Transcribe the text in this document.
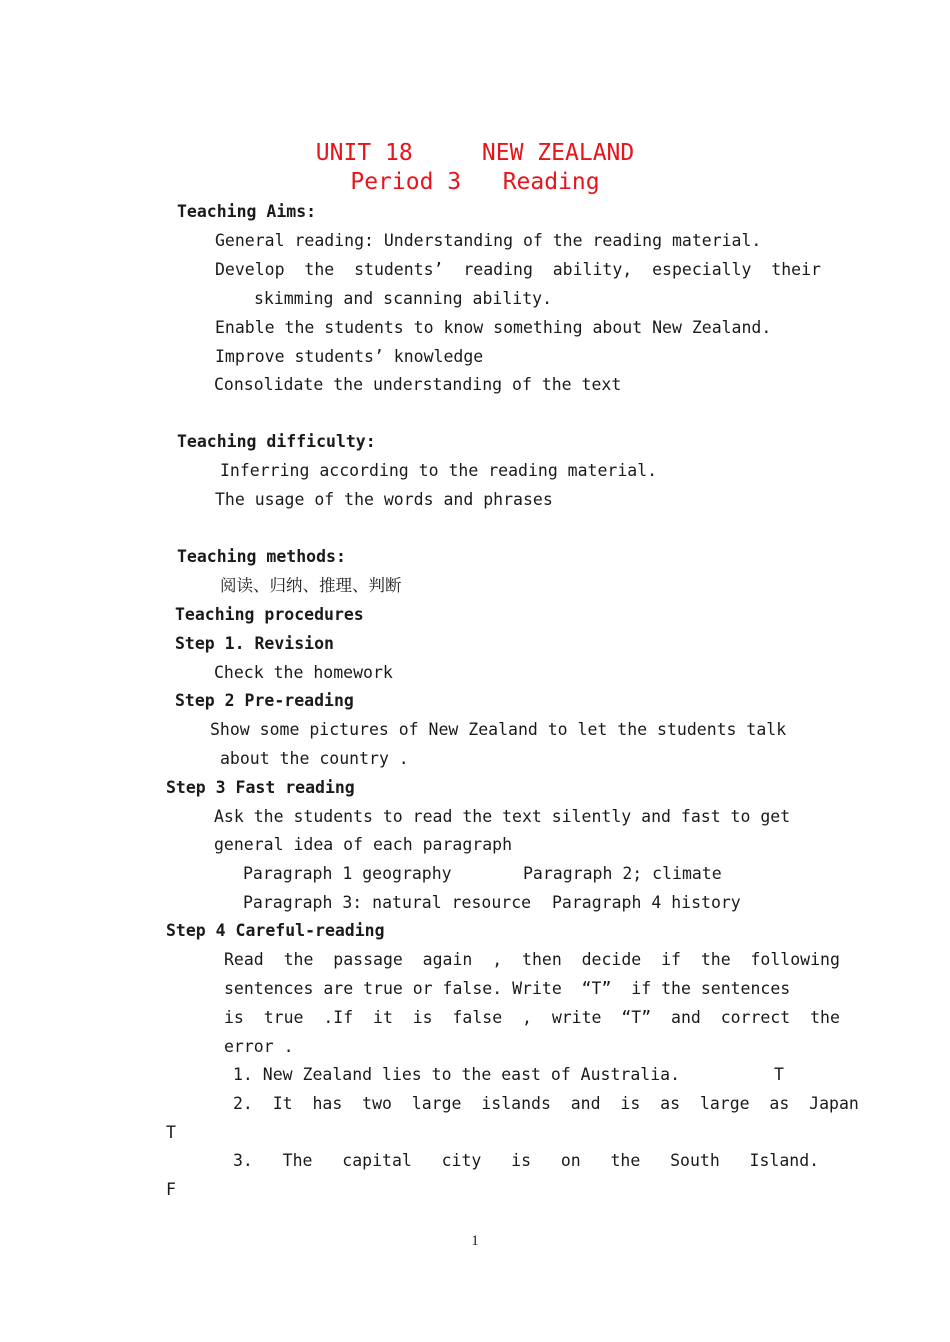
UNIT 18     NEW ZEALAND
Period 3   Reading
Teaching Aims:
General reading: Understanding of the reading material.
Develop  the  students’  reading  ability,  especially  their
skimming and scanning ability.
Enable the students to know something about New Zealand.
Improve students’ knowledge
Consolidate the understanding of the text
Teaching difficulty:
Inferring according to the reading material.
The usage of the words and phrases
Teaching methods:
阅读、归纳、推理、判断
Teaching procedures
Step 1. Revision
Check the homework
Step 2 Pre-reading
Show some pictures of New Zealand to let the students talk
about the country .
Step 3 Fast reading
Ask the students to read the text silently and fast to get
general idea of each paragraph
Paragraph 1 geography	Paragraph 2; climate
Paragraph 3: natural resource Paragraph 4 history
Step 4 Careful-reading
Read  the  passage  again  ,  then  decide  if  the  following
sentences are true or false. Write  “T”  if the sentences
is  true  .If  it  is  false  ,  write  “T”  and  correct  the
error .
1. New Zealand lies to the east of Australia.	T
2.  It  has  two  large  islands  and  is  as  large  as  Japan
T
3.   The   capital   city   is   on   the   South   Island.
F
1
